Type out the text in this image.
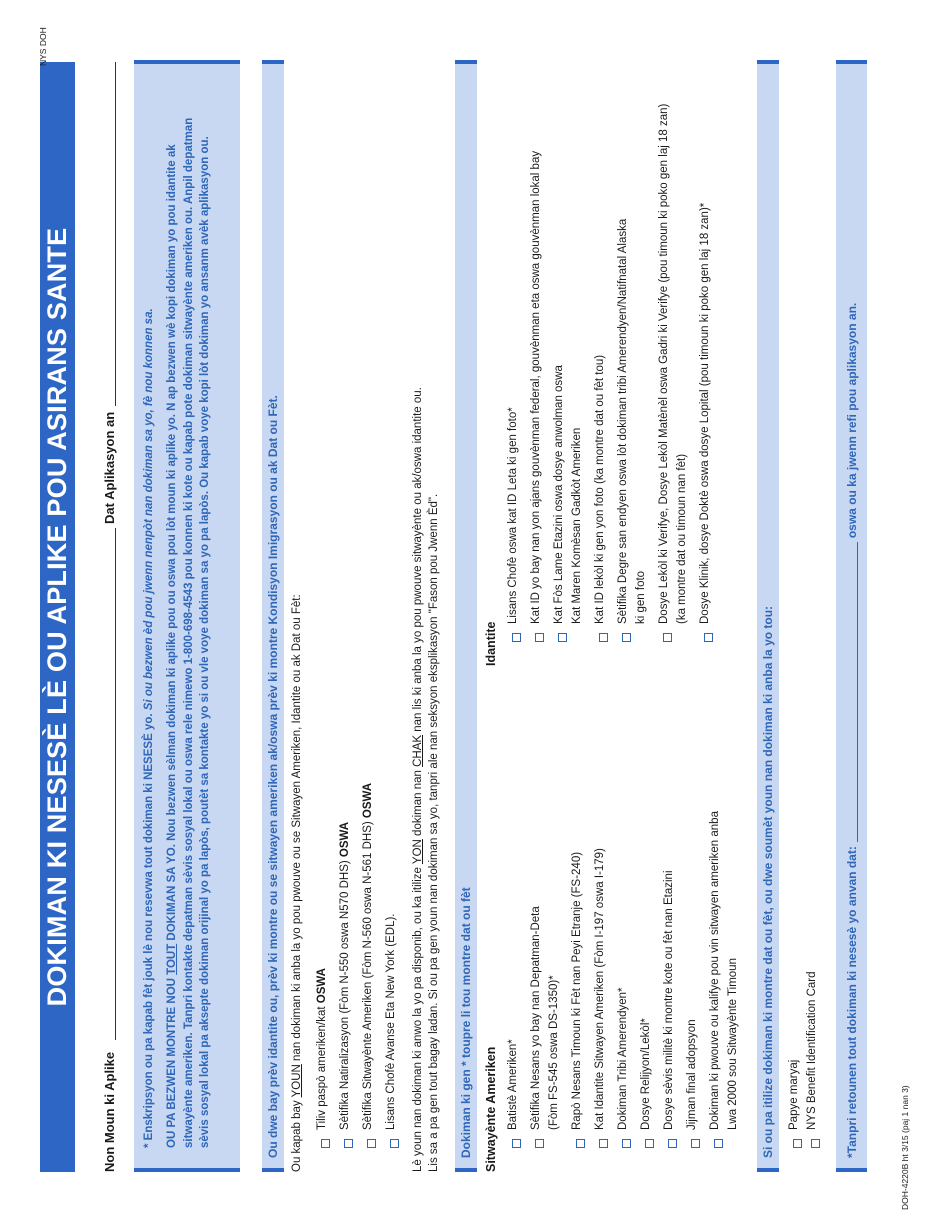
DOKIMAN KI NESESÈ LÈ OU APLIKE POU ASIRANS SANTE
Non Moun ki Aplike
Dat Aplikasyon an
* Enskripsyon ou pa kapab fèt jouk lè nou resevwa tout dokiman ki NESESÈ yo. Si ou bezwen èd pou jwenn nenpòt nan dokiman sa yo, fè nou konnen sa.
OU PA BEZWEN MONTRE NOU TOUT DOKIMAN SA YO. Nou bezwen sèlman dokiman ki aplike pou ou oswa pou lòt moun ki aplike yo. N ap bezwen wè kopi dokiman yo pou idantite ak sitwayènte ameriken. Tanpri kontakte depatman sèvis sosyal lokal ou oswa rele nimewo 1-800-698-4543 pou konnen ki kote ou kapab pote dokiman sitwayènte ameriken ou. Anpil depatman sèvis sosyal lokal pa aksepte dokiman orijinal yo pa lapòs, poutèt sa kontakte yo si ou vle voye dokiman sa yo pa lapòs. Ou kapab voye kopi lòt dokiman yo ansanm avèk aplikasyon ou.	Ou dwe bay prèv idantite ou, prèv ki montre ou se sitwayen ameriken ak/oswa prèv ki montre Kondisyon Imigrasyon ou ak Dat ou Fèt. Ou kapab bay YOUN nan dokiman ki anba la yo pou pwouve ou se Sitwayen Ameriken, Idantite ou ak Dat ou Fèt:
Tiliv paspò ameriken/kat OSWA Sètifika Natiralizasyon (Fòm N-550 oswa N570 DHS) OSWA Sètifika Sitwayènte Ameriken (Fòm N-560 oswa N-561 DHS) OSWA
Lisans Chofè Avanse Eta New York (EDL). Lè youn nan dokiman ki anwo la yo pa disponib, ou ka itilize YON dokiman nan CHAK nan lis ki anba la yo pou pwouve sitwayènte ou ak/oswa idantite ou. Lis sa a pa gen tout bagay ladan. Si ou pa gen youn nan dokiman sa yo, tanpri ale nan seksyon eksplikasyon "Fason pou Jwenn Èd".	Dokiman ki gen * toupre li tou montre dat ou fèt Sitwayènte Ameriken
Idantite	Si ou pa itilize dokiman ki montre dat ou fèt, ou dwe soumèt youn nan dokiman ki anba la yo tou:	Papye maryaj NYS Benefit Identification Card *Tanpri retounen tout dokiman ki nesesè yo anvan dat:
oswa ou ka jwenn refi pou aplikasyon an.
DOH-4220B ht 3/15 (paj 1 nan 3)
NYS DOH
Batistè Ameriken* Sètifika Nesans yo bay nan Depatman-Deta (Fòm FS-545 oswa DS-1350)* Rapò Nesans Timoun ki Fèt nan Peyi Etranje (FS-240) Kat Idantite Sitwayen Ameriken (Fòm I-197 oswa I-179) Dokiman Tribi Amerendyen* Dosye Relijyon/Lekòl* Dosye sèvis militè ki montre kote ou fèt nan Etazini Jijman final adopsyon Dokiman ki pwouve ou kalifye pou vin sitwayen ameriken anba Lwa 2000 sou Sitwayènte Timoun
Lisans Chofè oswa kat ID Leta ki gen foto* Kat ID yo bay nan yon ajans gouvènman federal, gouvènman eta oswa gouvènman lokal bay Kat Fòs Lame Etazini oswa dosye anwolman oswa Kat Maren Komèsan Gadkòt Ameriken Kat ID lekòl ki gen yon foto (ka montre dat ou fèt tou) Sètifika Degre san endyen oswa lòt dokiman tribi Amerendyen/Natifnatal Alaska ki gen foto Dosye Lekòl ki Verifye, Dosye Lekòl Matènèl oswa Gadri ki Verifye (pou timoun ki poko gen laj 18 zan) (ka montre dat ou timoun nan fèt) Dosye Klinik, dosye Doktè oswa dosye Lopital (pou timoun ki poko gen laj 18 zan)*
